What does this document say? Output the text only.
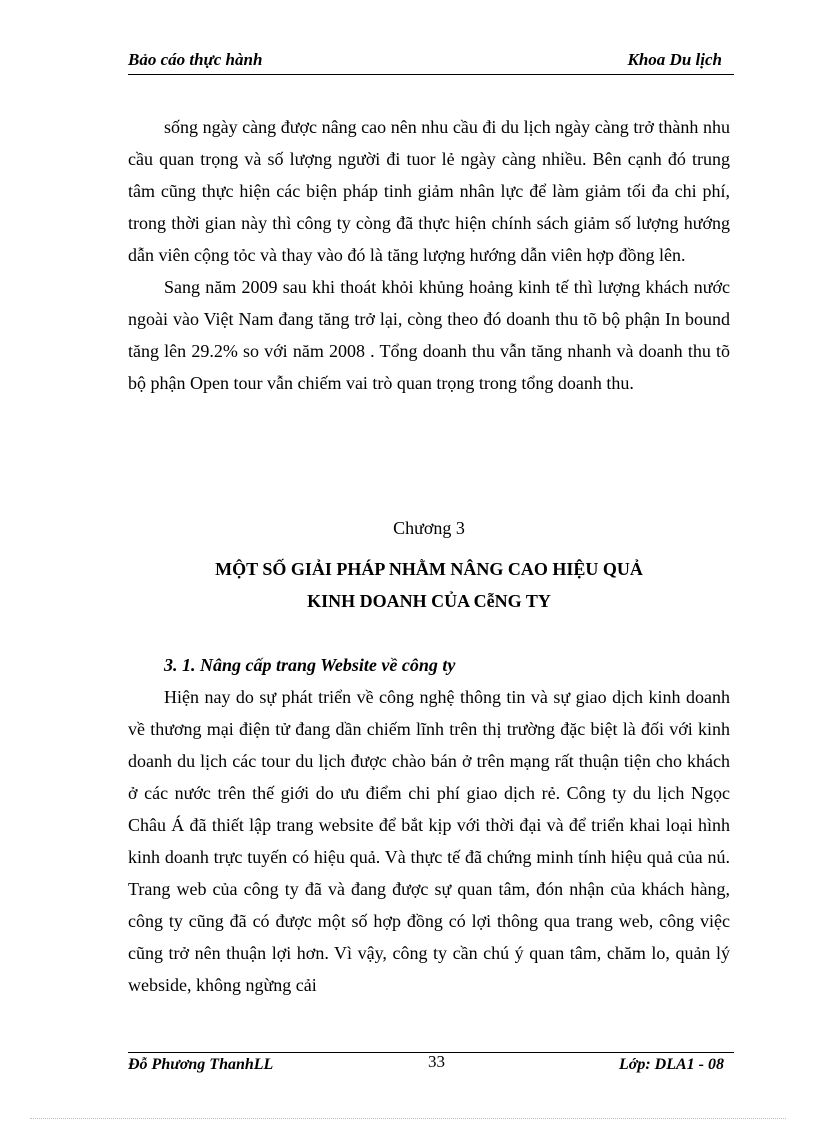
Bảo cáo thực hành	Khoa Du lịch

sống ngày càng được nâng cao nên nhu cầu đi du lịch ngày càng trở thành nhu cầu quan trọng và số lượng người đi tuor lẻ ngày càng nhiều. Bên cạnh đó trung tâm cũng thực hiện các biện pháp tinh giảm nhân lực để làm giảm tối đa chi phí, trong thời gian này thì công ty còng đã thực hiện chính sách giảm số lượng hướng dẫn viên cộng tỏc và thay vào đó là tăng lượng hướng dẫn viên hợp đồng lên.

Sang năm 2009 sau khi thoát khỏi khủng hoảng kinh tế thì lượng khách nước ngoài vào Việt Nam đang tăng trở lại, còng theo đó doanh thu tõ bộ phận In bound tăng lên 29.2% so với năm 2008 . Tổng doanh thu vẫn tăng nhanh và doanh thu tõ bộ phận Open tour vẫn chiếm vai trò quan trọng trong tổng doanh thu.

Chương 3
MỘT SỐ GIẢI PHÁP NHẰM NÂNG CAO HIỆU QUẢ
KINH DOANH CỦA CễNG TY
3. 1. Nâng cấp trang Website về công ty

Hiện nay do sự phát triển về công nghệ thông tin và sự giao dịch kinh doanh về thương mại điện tử đang dần chiếm lĩnh trên thị trường đặc biệt là đối với kinh doanh du lịch các tour du lịch được chào bán ở trên mạng rất thuận tiện cho khách ở các nước trên thế giới do ưu điểm chi phí giao dịch rẻ. Công ty du lịch Ngọc Châu Á đã thiết lập trang website để bắt kịp với thời đại và để triển khai loại hình kinh doanh trực tuyến có hiệu quả. Và thực tế đã chứng minh tính hiệu quả của nú. Trang web của công ty đã và đang được sự quan tâm, đón nhận của khách hàng, công ty cũng đã có được một số hợp đồng có lợi thông qua trang web, công việc cũng trở nên thuận lợi hơn. Vì vậy, công ty cần chú ý quan tâm, chăm lo, quản lý webside, không ngừng cải

Đỗ Phương ThanhLL	33	Lớp: DLA1 - 08
